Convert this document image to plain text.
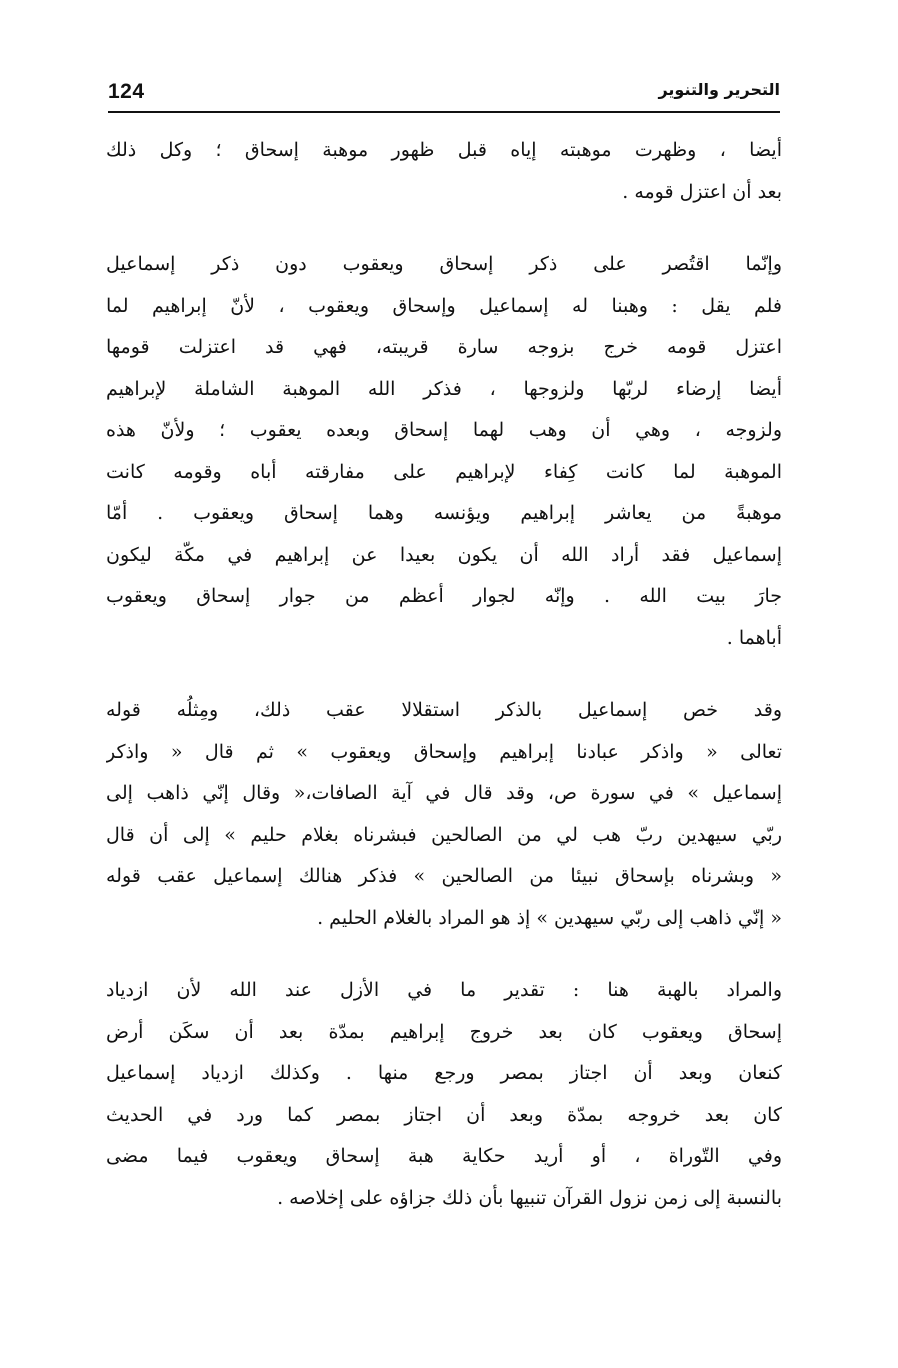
124	التحرير والتنوير
أيضا ، وظهرت موهبته إياه قبل ظهور موهبة إسحاق ؛ وكل ذلك
بعد أن اعتزل قومه .
وإنّما اقتُصر على ذكر إسحاق ويعقوب دون ذكر إسماعيل
فلم يقل : وهبنا له إسماعيل وإسحاق ويعقوب ، لأنّ إبراهيم لما
اعتزل قومه خرج بزوجه سارة قريبته، فهي قد اعتزلت قومها
أيضا إرضاء لربّها ولزوجها ، فذكر الله الموهبة الشاملة لإبراهيم
ولزوجه ، وهي أن وهب لهما إسحاق وبعده يعقوب ؛ ولأنّ هذه
الموهبة لما كانت كِفاء لإبراهيم على مفارقته أباه وقومه كانت
موهبةً من يعاشر إبراهيم ويؤنسه وهما إسحاق ويعقوب . أمّا
إسماعيل فقد أراد الله أن يكون بعيدا عن إبراهيم في مكّة ليكون
جارَ بيت الله . وإنّه لجوار أعظم من جوار إسحاق ويعقوب
أباهما .
وقد خص إسماعيل بالذكر استقلالا عقب ذلك، ومِثلُه قوله
تعالى « واذكر عبادنا إبراهيم وإسحاق ويعقوب » ثم قال « واذكر
إسماعيل » في سورة ص، وقد قال في آية الصافات،« وقال إنّي ذاهب إلى
ربّي سيهدين ربّ هب لي من الصالحين فبشرناه بغلام حليم » إلى أن قال
« وبشرناه بإسحاق نبيئا من الصالحين » فذكر هنالك إسماعيل عقب قوله
« إنّي ذاهب إلى ربّي سيهدين » إذ هو المراد بالغلام الحليم .
والمراد بالهبة هنا : تقدير ما في الأزل عند الله لأن ازدياد
إسحاق ويعقوب كان بعد خروج إبراهيم بمدّة بعد أن سكَن أرض
كنعان وبعد أن اجتاز بمصر ورجع منها . وكذلك ازدياد إسماعيل
كان بعد خروجه بمدّة وبعد أن اجتاز بمصر كما ورد في الحديث
وفي التّوراة ، أو أريد حكاية هبة إسحاق ويعقوب فيما مضى
بالنسبة إلى زمن نزول القرآن تنبيها بأن ذلك جزاؤه على إخلاصه .
